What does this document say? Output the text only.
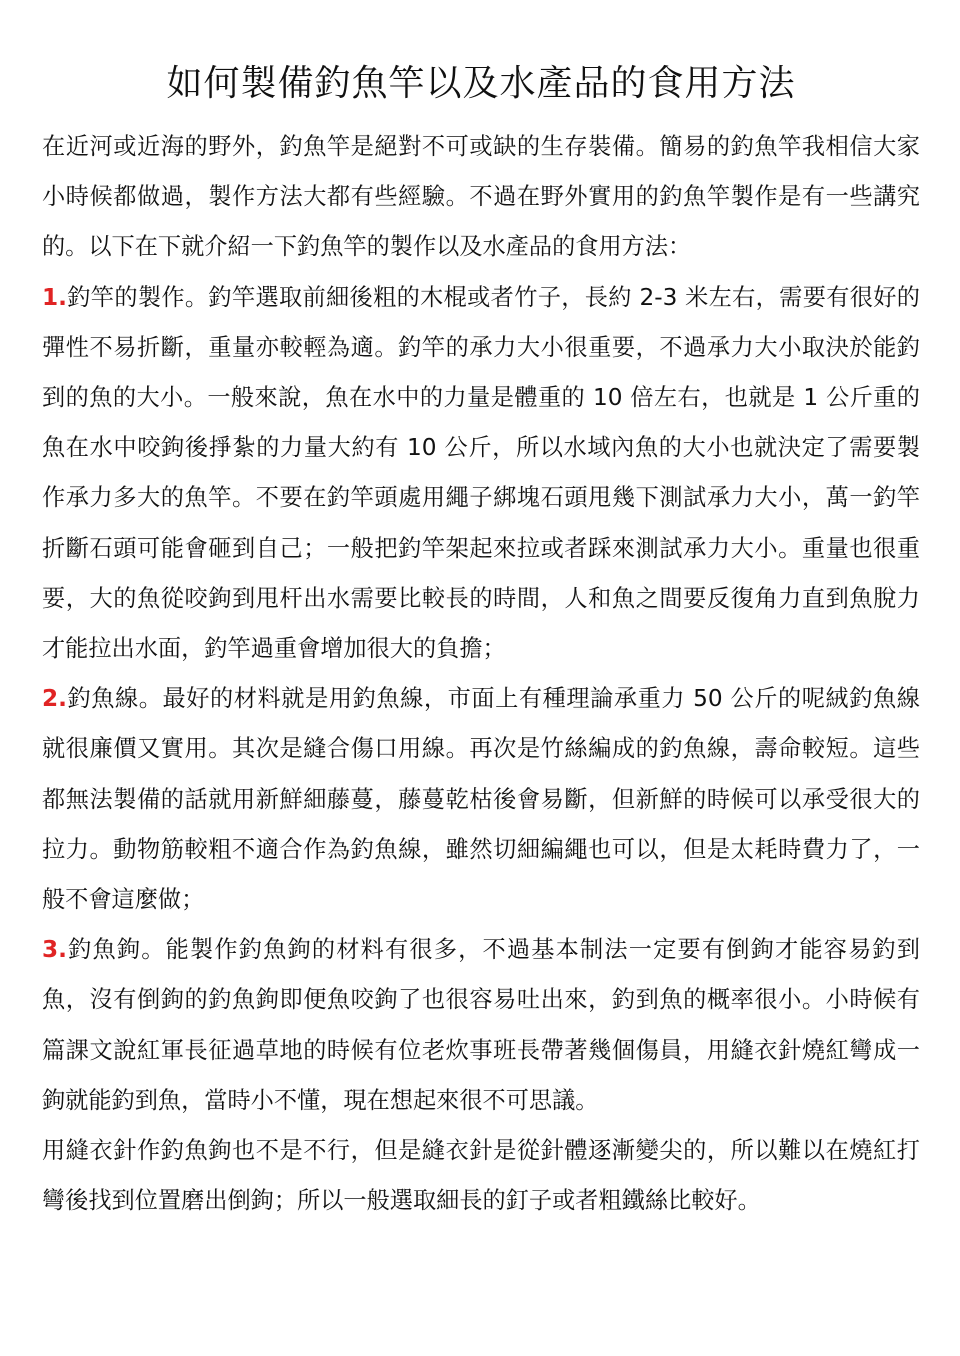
如何製備釣魚竿以及水產品的食用方法

在近河或近海的野外，釣魚竿是絕對不可或缺的生存裝備。簡易的釣魚竿我相信大家小時候都做過，製作方法大都有些經驗。不過在野外實用的釣魚竿製作是有一些講究的。以下在下就介紹一下釣魚竿的製作以及水產品的食用方法：

1.釣竿的製作。釣竿選取前細後粗的木棍或者竹子，長約 2-3 米左右，需要有很好的彈性不易折斷，重量亦較輕為適。釣竿的承力大小很重要，不過承力大小取決於能釣到的魚的大小。一般來說，魚在水中的力量是體重的 10 倍左右，也就是 1 公斤重的魚在水中咬鉤後掙紮的力量大約有 10 公斤，所以水域內魚的大小也就決定了需要製作承力多大的魚竿。不要在釣竿頭處用繩子綁塊石頭甩幾下測試承力大小，萬一釣竿折斷石頭可能會砸到自己；一般把釣竿架起來拉或者踩來測試承力大小。重量也很重要，大的魚從咬鉤到甩杆出水需要比較長的時間，人和魚之間要反復角力直到魚脫力才能拉出水面，釣竿過重會增加很大的負擔；

2.釣魚線。最好的材料就是用釣魚線，市面上有種理論承重力 50 公斤的呢絨釣魚線就很廉價又實用。其次是縫合傷口用線。再次是竹絲編成的釣魚線，壽命較短。這些都無法製備的話就用新鮮細藤蔓，藤蔓乾枯後會易斷，但新鮮的時候可以承受很大的拉力。動物筋較粗不適合作為釣魚線，雖然切細編繩也可以，但是太耗時費力了，一般不會這麼做；

3.釣魚鉤。能製作釣魚鉤的材料有很多，不過基本制法一定要有倒鉤才能容易釣到魚，沒有倒鉤的釣魚鉤即便魚咬鉤了也很容易吐出來，釣到魚的概率很小。小時候有篇課文說紅軍長征過草地的時候有位老炊事班長帶著幾個傷員，用縫衣針燒紅彎成一鉤就能釣到魚，當時小不懂，現在想起來很不可思議。

用縫衣針作釣魚鉤也不是不行，但是縫衣針是從針體逐漸變尖的，所以難以在燒紅打彎後找到位置磨出倒鉤；所以一般選取細長的釘子或者粗鐵絲比較好。
